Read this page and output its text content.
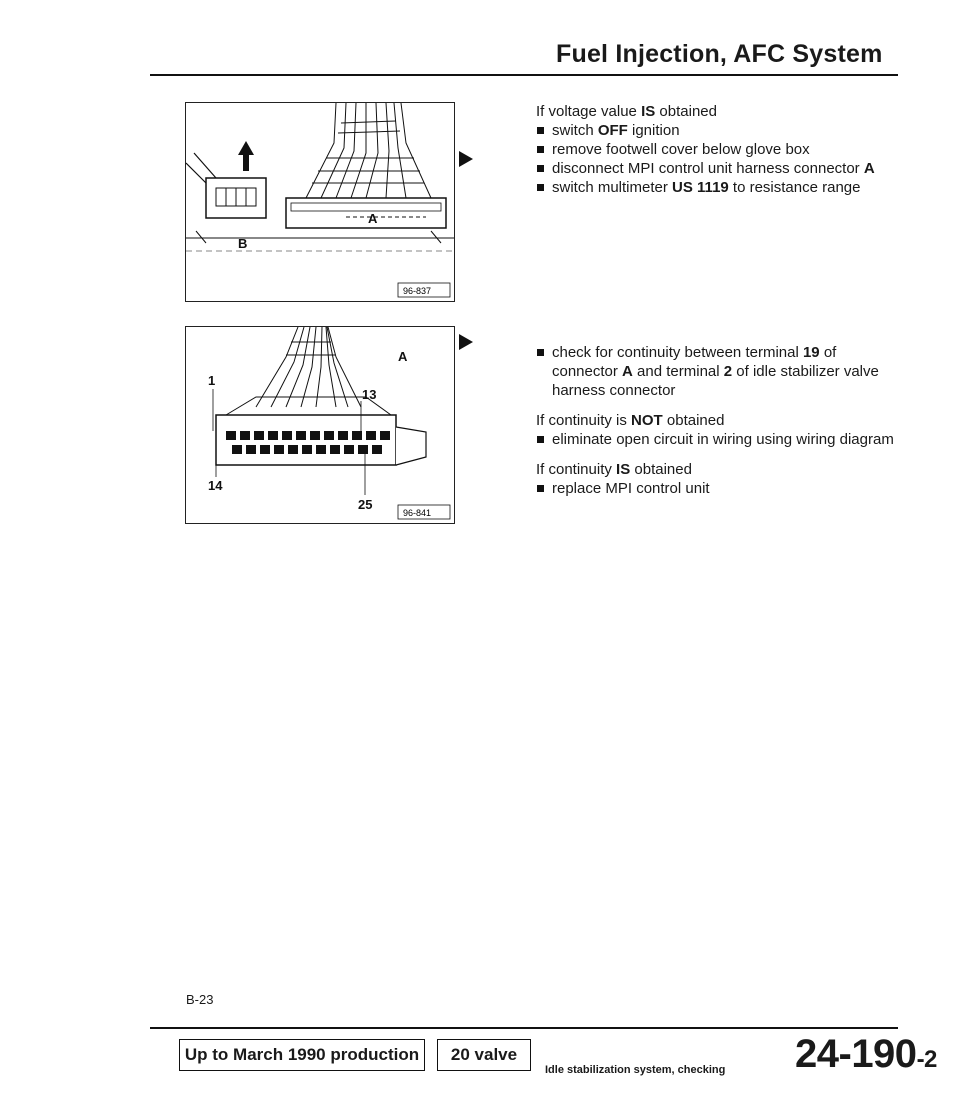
Fuel Injection, AFC System
A
B
96-837

If voltage value IS obtained

switch OFF ignition

remove footwell cover below glove box

disconnect MPI control unit harness connector A

switch multimeter US 1119 to resistance range

A
1
13
14
25
96-841

check for continuity between terminal 19 of connector A and terminal 2 of idle stabilizer valve harness connector

If continuity is NOT obtained

eliminate open circuit in wiring using wiring diagram

If continuity IS obtained

replace MPI control unit

B-23
Up to March 1990 production	20 valve
Idle stabilization system, checking 24-190-2
